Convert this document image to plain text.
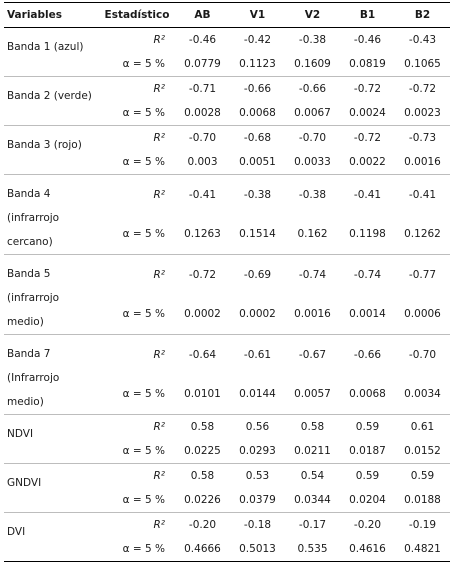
Variables	Estadístico	AB	V1	V2	B1	B2
Banda 1 (azul)	R²	-0.46	-0.42	-0.38	-0.46	-0.43
	α = 5 %	0.0779	0.1123	0.1609	0.0819	0.1065
Banda 2 (verde)	R²	-0.71	-0.66	-0.66	-0.72	-0.72
	α = 5 %	0.0028	0.0068	0.0067	0.0024	0.0023
Banda 3 (rojo)	R²	-0.70	-0.68	-0.70	-0.72	-0.73
	α = 5 %	0.003	0.0051	0.0033	0.0022	0.0016
Banda 4 (infrarrojo cercano)	R²	-0.41	-0.38	-0.38	-0.41	-0.41
	α = 5 %	0.1263	0.1514	0.162	0.1198	0.1262
Banda 5 (infrarrojo medio)	R²	-0.72	-0.69	-0.74	-0.74	-0.77
	α = 5 %	0.0002	0.0002	0.0016	0.0014	0.0006
Banda 7 (Infrarrojo medio)	R²	-0.64	-0.61	-0.67	-0.66	-0.70
	α = 5 %	0.0101	0.0144	0.0057	0.0068	0.0034
NDVI	R²	0.58	0.56	0.58	0.59	0.61
	α = 5 %	0.0225	0.0293	0.0211	0.0187	0.0152
GNDVI	R²	0.58	0.53	0.54	0.59	0.59
	α = 5 %	0.0226	0.0379	0.0344	0.0204	0.0188
DVI	R²	-0.20	-0.18	-0.17	-0.20	-0.19
	α = 5 %	0.4666	0.5013	0.535	0.4616	0.4821
